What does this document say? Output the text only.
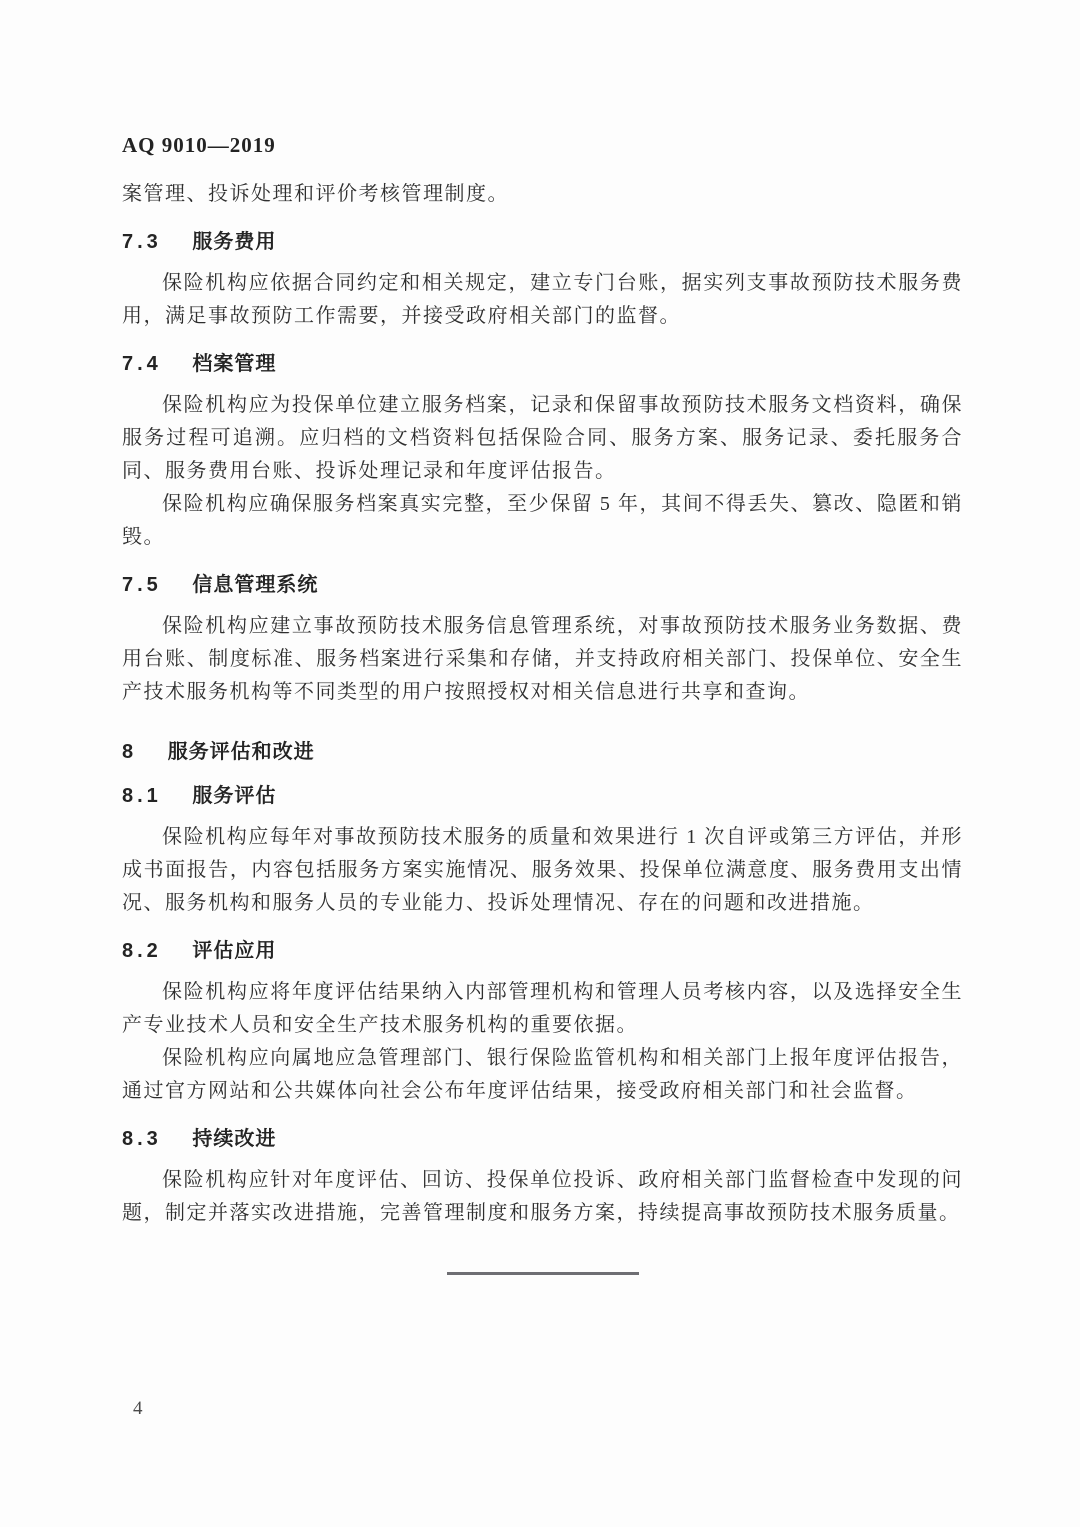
AQ 9010—2019

案管理、投诉处理和评价考核管理制度。

7.3 服务费用

保险机构应依据合同约定和相关规定，建立专门台账，据实列支事故预防技术服务费用，满足事故预防工作需要，并接受政府相关部门的监督。

7.4 档案管理

保险机构应为投保单位建立服务档案，记录和保留事故预防技术服务文档资料，确保服务过程可追溯。应归档的文档资料包括保险合同、服务方案、服务记录、委托服务合同、服务费用台账、投诉处理记录和年度评估报告。

保险机构应确保服务档案真实完整，至少保留 5 年，其间不得丢失、篡改、隐匿和销毁。

7.5 信息管理系统

保险机构应建立事故预防技术服务信息管理系统，对事故预防技术服务业务数据、费用台账、制度标准、服务档案进行采集和存储，并支持政府相关部门、投保单位、安全生产技术服务机构等不同类型的用户按照授权对相关信息进行共享和查询。

8 服务评估和改进
8.1 服务评估

保险机构应每年对事故预防技术服务的质量和效果进行 1 次自评或第三方评估，并形成书面报告，内容包括服务方案实施情况、服务效果、投保单位满意度、服务费用支出情况、服务机构和服务人员的专业能力、投诉处理情况、存在的问题和改进措施。

8.2 评估应用

保险机构应将年度评估结果纳入内部管理机构和管理人员考核内容，以及选择安全生产专业技术人员和安全生产技术服务机构的重要依据。

保险机构应向属地应急管理部门、银行保险监管机构和相关部门上报年度评估报告，通过官方网站和公共媒体向社会公布年度评估结果，接受政府相关部门和社会监督。

8.3 持续改进

保险机构应针对年度评估、回访、投保单位投诉、政府相关部门监督检查中发现的问题，制定并落实改进措施，完善管理制度和服务方案，持续提高事故预防技术服务质量。

4
